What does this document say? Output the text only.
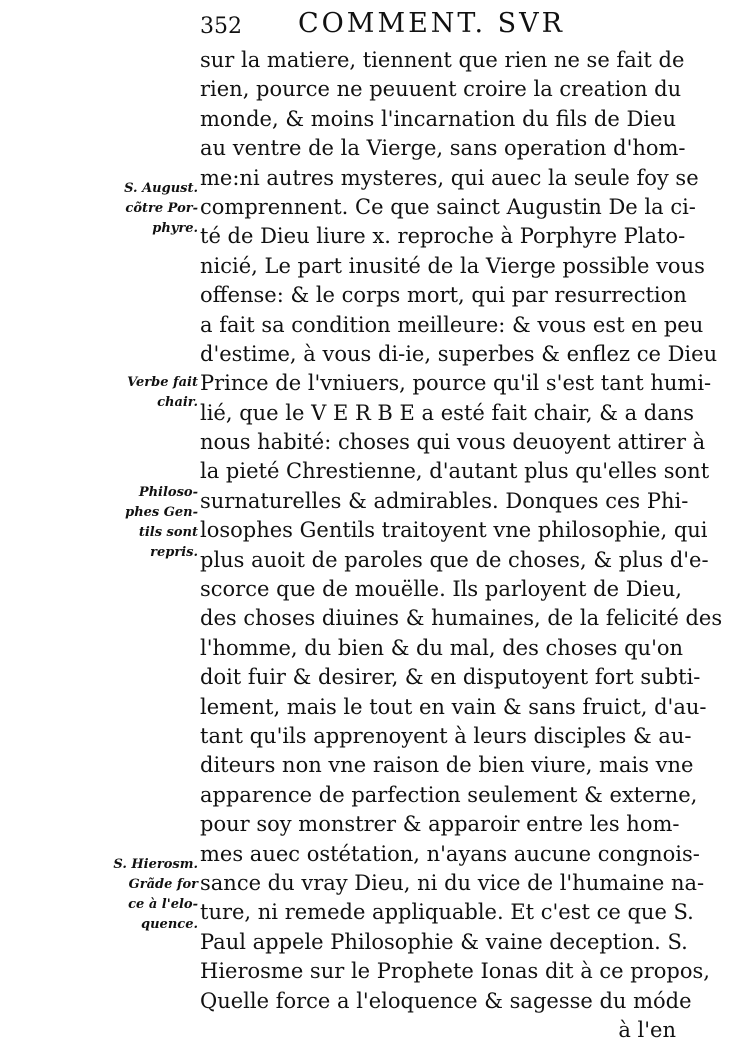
352 COMMENT. SVR
S. August.
cõtre Por-
phyre.
Verbe fait
chair.
Philoso-
phes Gen-
tils sont
repris.
S. Hierosm.
Grãde for
ce à l'elo-
quence.
sur la matiere, tiennent que rien ne se fait de
rien, pource ne peuuent croire la creation du
monde, & moins l'incarnation du fils de Dieu
au ventre de la Vierge, sans operation d'hom-
me:ni autres mysteres, qui auec la seule foy se
comprennent. Ce que sainct Augustin De la ci-
té de Dieu liure x. reproche à Porphyre Plato-
nicié, Le part inusité de la Vierge possible vous
offense: & le corps mort, qui par resurrection
a fait sa condition meilleure: & vous est en peu
d'estime, à vous di-ie, superbes & enflez ce Dieu
Prince de l'vniuers, pource qu'il s'est tant humi-
lié, que le V E R B E a esté fait chair, & a dans
nous habité: choses qui vous deuoyent attirer à
la pieté Chrestienne, d'autant plus qu'elles sont
surnaturelles & admirables. Donques ces Phi-
losophes Gentils traitoyent vne philosophie, qui
plus auoit de paroles que de choses, & plus d'e-
scorce que de mouëlle. Ils parloyent de Dieu,
des choses diuines & humaines, de la felicité des
l'homme, du bien & du mal, des choses qu'on
doit fuir & desirer, & en disputoyent fort subti-
lement, mais le tout en vain & sans fruict, d'au-
tant qu'ils apprenoyent à leurs disciples & au-
diteurs non vne raison de bien viure, mais vne
apparence de parfection seulement & externe,
pour soy monstrer & apparoir entre les hom-
mes auec ostétation, n'ayans aucune congnois-
sance du vray Dieu, ni du vice de l'humaine na-
ture, ni remede appliquable. Et c'est ce que S.
Paul appele Philosophie & vaine deception. S.
Hierosme sur le Prophete Ionas dit à ce propos,
Quelle force a l'eloquence & sagesse du móde
à l'en
